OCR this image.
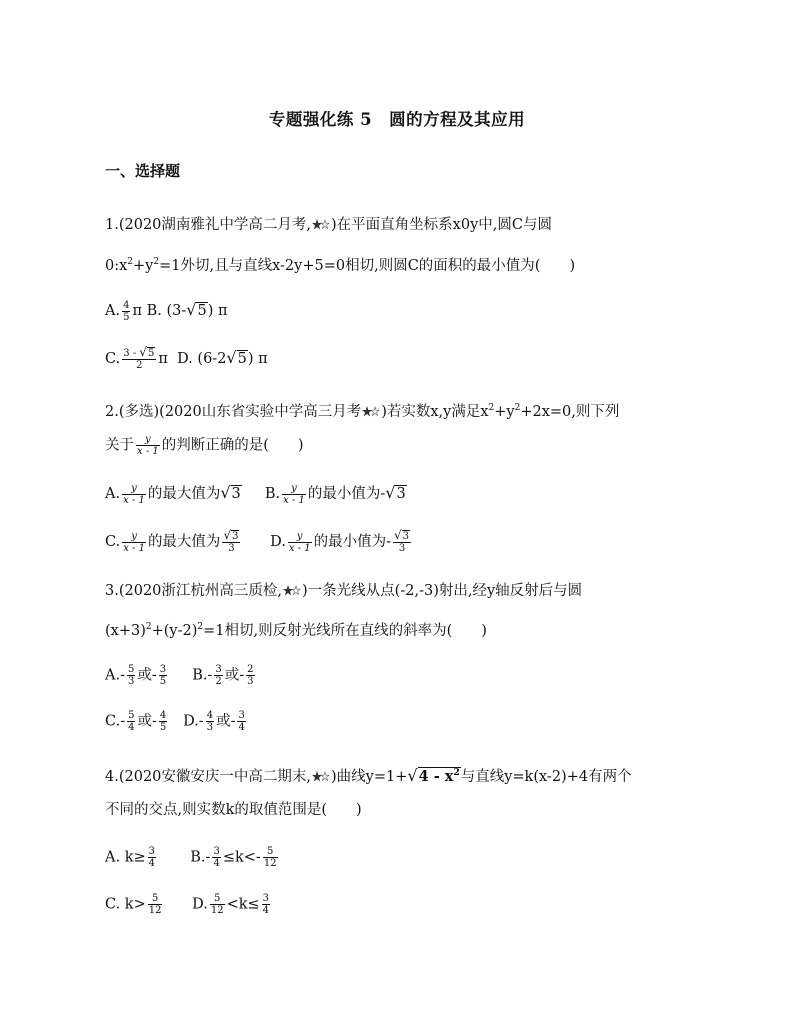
专题强化练 5　圆的方程及其应用
一、选择题
1.(2020湖南雅礼中学高二月考, )在平面直角坐标系x0y中,圆C与圆
$0:x^2+y^2=1$外切,且与直线x-2y+5=0相切,则圆C的面积的最小值为(　　)
A. $\frac{4}{5}$ π B. (3-√5) π
C. $\frac{3 - √5}{2}$ π D. (6-2√5) π
2.(多选)(2020山东省实验中学高三月考 )若实数x,y满足$x^2+y^2+2x=0$,则下列
关于 $\frac{y}{x - 1}$ 的判断正确的是(　　)
A. $\frac{y}{x - 1}$ 的最大值为√3 B. $\frac{y}{x - 1}$ 的最小值为-√3
C. $\frac{y}{x - 1}$ 的最大值为 $\frac{√3}{3} D$. $\frac{y}{x - 1}$ 的最小值为- $\frac{√3}{3}$
3.(2020浙江杭州高三质检, )一条光线从点(-2,-3)射出,经y轴反射后与圆
$(x+3)^2+(y-2)^2=1$相切,则反射光线所在直线的斜率为(　　)
$A.- \frac{5}{3}$ 或- $\frac{3}{5} B.- \frac{3}{2}$ 或- $\frac{2}{3}$
$C.- \frac{5}{4}$ 或- $\frac{4}{5} D.- \frac{4}{3}$ 或- $\frac{3}{4}$
4.(2020安徽安庆一中高二期末, )曲线$y=1+√4 - x^2$与直线y=k(x-2)+4有两个
不同的交点,则实数k的取值范围是(　　)
A. $k\ge \frac{3}{4} B.- \frac{3}{4} \le k<- \frac{5}{12}$
C. $k> \frac{5}{12} D$. $\frac{5}{12} <k\le \frac{3}{4}$
